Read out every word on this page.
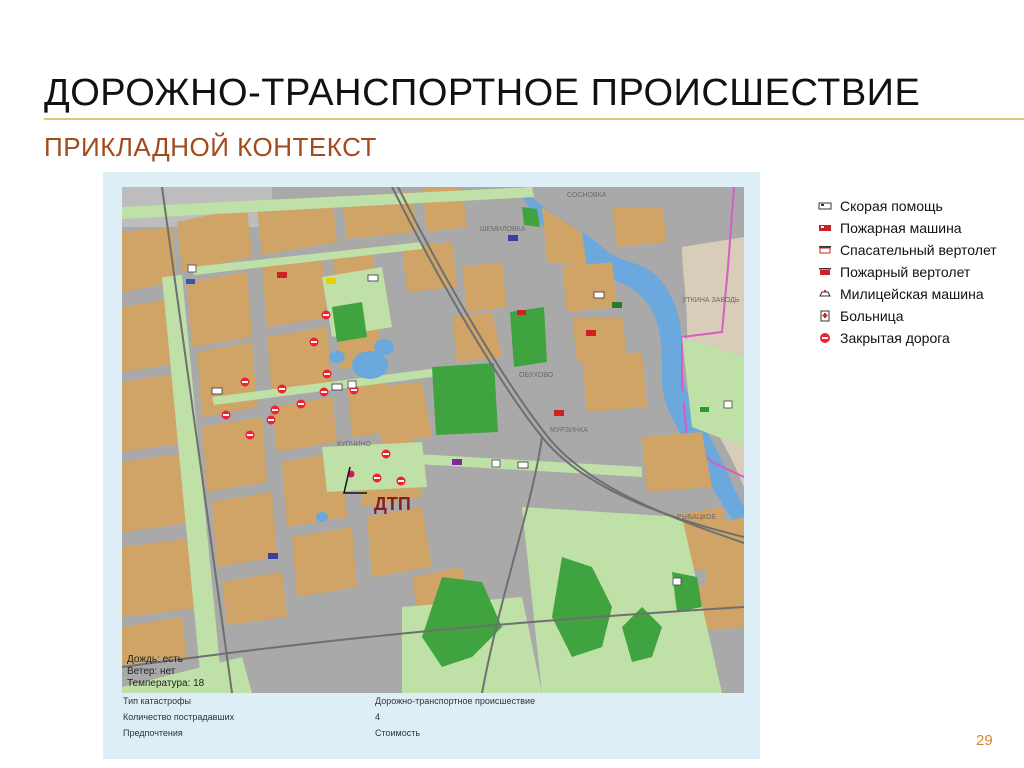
ДОРОЖНО-ТРАНСПОРТНОЕ ПРОИСШЕСТВИЕ
ПРИКЛАДНОЙ КОНТЕКСТ
СОСНОВКА
ШЕМИЛОВКА
ОБУХОВО
МУРЗИНКА
КУПЧИНО
УТКИНА ЗАВОДЬ
РЫБАЦКОЕ
ДТП
Дождь: есть
Ветер: нет
Температура: 18
Тип катастрофы	Дорожно-транспортное происшествие
Количество пострадавших	4
Предпочтения	Стоимость
Скорая помощь
Пожарная машина
Спасательный вертолет
Пожарный вертолет
Милицейская машина
Больница
Закрытая дорога
29
